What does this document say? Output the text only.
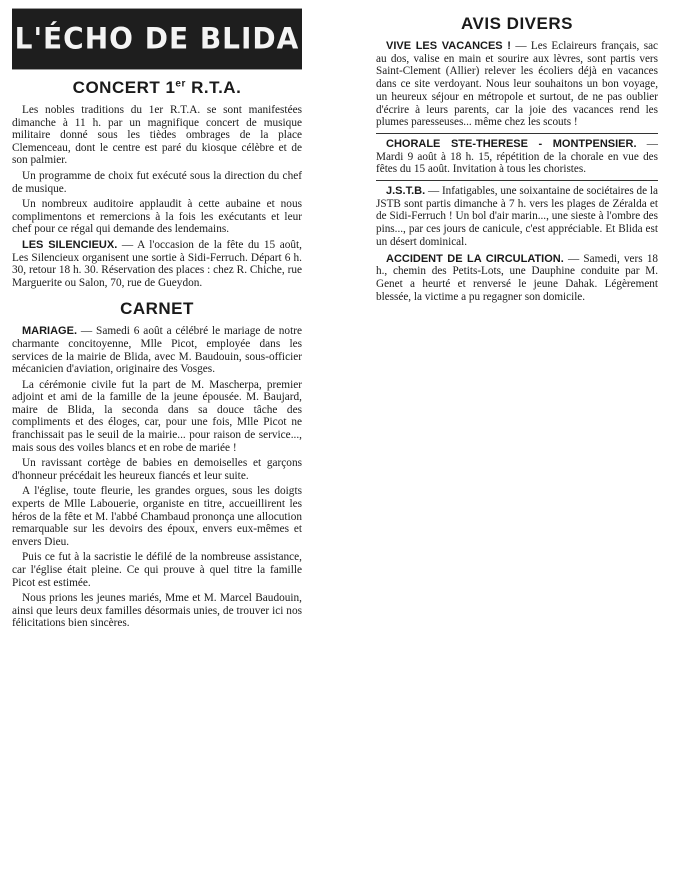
L'ÉCHO DE BLIDA
CONCERT 1er R.T.A.

Les nobles traditions du 1er R.T.A. se sont manifestées dimanche à 11 h. par un magnifique concert de musique militaire donné sous les tièdes ombrages de la place Clemenceau, dont le centre est paré du kiosque célèbre et de son palmier.

Un programme de choix fut exécuté sous la direction du chef de musique.

Un nombreux auditoire applaudit à cette aubaine et nous complimentons et remercions à la fois les exécutants et leur chef pour ce régal qui demande des lendemains.

LES SILENCIEUX. — A l'occasion de la fête du 15 août, Les Silencieux organisent une sortie à Sidi-Ferruch. Départ 6 h. 30, retour 18 h. 30. Réservation des places : chez R. Chiche, rue Marguerite ou Salon, 70, rue de Gueydon.

CARNET

MARIAGE. — Samedi 6 août a célébré le mariage de notre charmante concitoyenne, Mlle Picot, employée dans les services de la mairie de Blida, avec M. Baudouin, sous-officier mécanicien d'aviation, originaire des Vosges.

La cérémonie civile fut la part de M. Mascherpa, premier adjoint et ami de la famille de la jeune épousée. M. Baujard, maire de Blida, la seconda dans sa douce tâche des compliments et des éloges, car, pour une fois, Mlle Picot ne franchissait pas le seuil de la mairie... pour raison de service..., mais sous des voiles blancs et en robe de mariée !

Un ravissant cortège de babies en demoiselles et garçons d'honneur précédait les heureux fiancés et leur suite.

A l'église, toute fleurie, les grandes orgues, sous les doigts experts de Mlle Labouerie, organiste en titre, accueillirent les héros de la fête et M. l'abbé Chambaud prononça une allocution remarquable sur les devoirs des époux, envers eux-mêmes et envers Dieu.

Puis ce fut à la sacristie le défilé de la nombreuse assistance, car l'église était pleine. Ce qui prouve à quel titre la famille Picot est estimée.

Nous prions les jeunes mariés, Mme et M. Marcel Baudouin, ainsi que leurs deux familles désormais unies, de trouver ici nos félicitations bien sincères.

AVIS DIVERS

VIVE LES VACANCES ! — Les Eclaireurs français, sac au dos, valise en main et sourire aux lèvres, sont partis vers Saint-Clement (Allier) relever les écoliers déjà en vacances dans ce site verdoyant. Nous leur souhaitons un bon voyage, un heureux séjour en métropole et surtout, de ne pas oublier d'écrire à leurs parents, car la joie des vacances rend les plumes paresseuses... même chez les scouts !

CHORALE STE-THERESE - MONTPENSIER. — Mardi 9 août à 18 h. 15, répétition de la chorale en vue des fêtes du 15 août. Invitation à tous les choristes.

J.S.T.B. — Infatigables, une soixantaine de sociétaires de la JSTB sont partis dimanche à 7 h. vers les plages de Zéralda et de Sidi-Ferruch ! Un bol d'air marin..., une sieste à l'ombre des pins..., par ces jours de canicule, c'est appréciable. Et Blida est un désert dominical.

ACCIDENT DE LA CIRCULATION. — Samedi, vers 18 h., chemin des Petits-Lots, une Dauphine conduite par M. Genet a heurté et renversé le jeune Dahak. Légèrement blessée, la victime a pu regagner son domicile.
